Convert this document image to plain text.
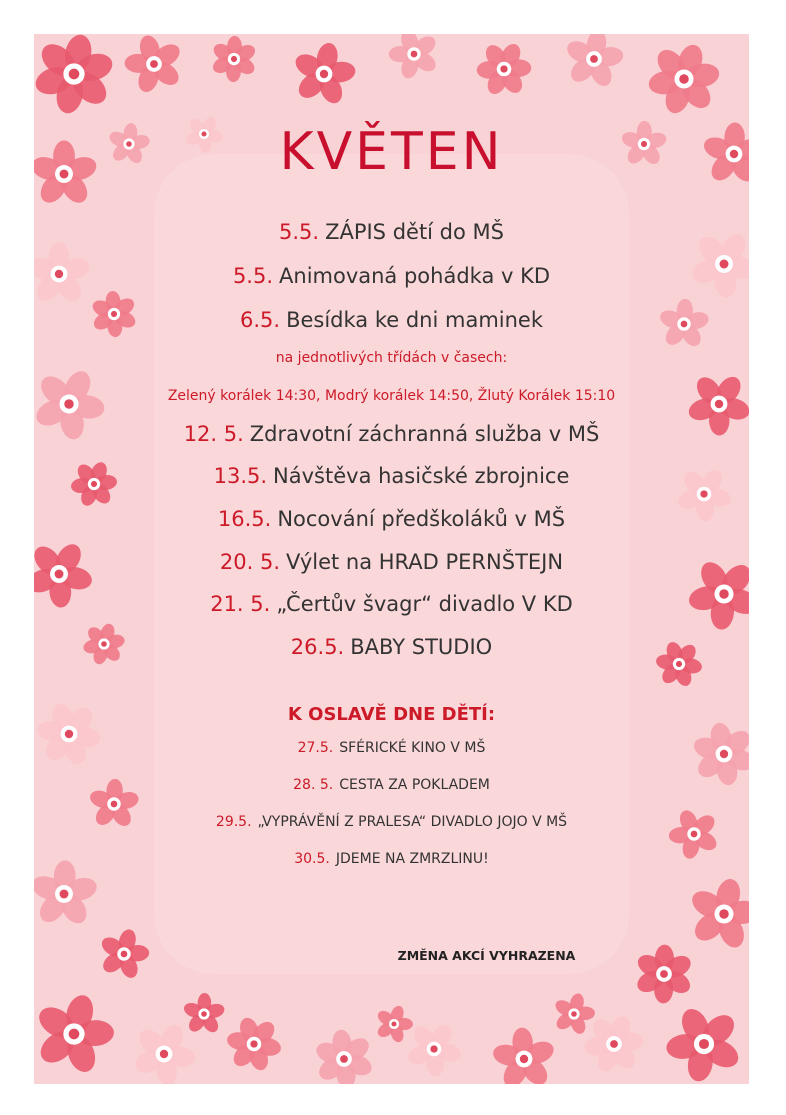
KVĚTEN
5.5. ZÁPIS dětí do MŠ
5.5. Animovaná pohádka v KD
6.5. Besídka ke dni maminek
na jednotlivých třídách v časech:
Zelený korálek 14:30, Modrý korálek 14:50, Žlutý Korálek 15:10
12. 5. Zdravotní záchranná služba v MŠ
13.5. Návštěva hasičské zbrojnice
16.5. Nocování předškoláků v MŠ
20. 5. Výlet na HRAD PERNŠTEJN
21. 5. „Čertův švagr“ divadlo V KD
26.5. BABY STUDIO
K OSLAVĚ DNE DĚTÍ:
27.5. SFÉRICKÉ KINO V MŠ
28. 5. CESTA ZA POKLADEM
29.5. „VYPRÁVĚNÍ Z PRALESA“ DIVADLO JOJO V MŠ
30.5. JDEME NA ZMRZLINU!
ZMĚNA AKCÍ VYHRAZENA
